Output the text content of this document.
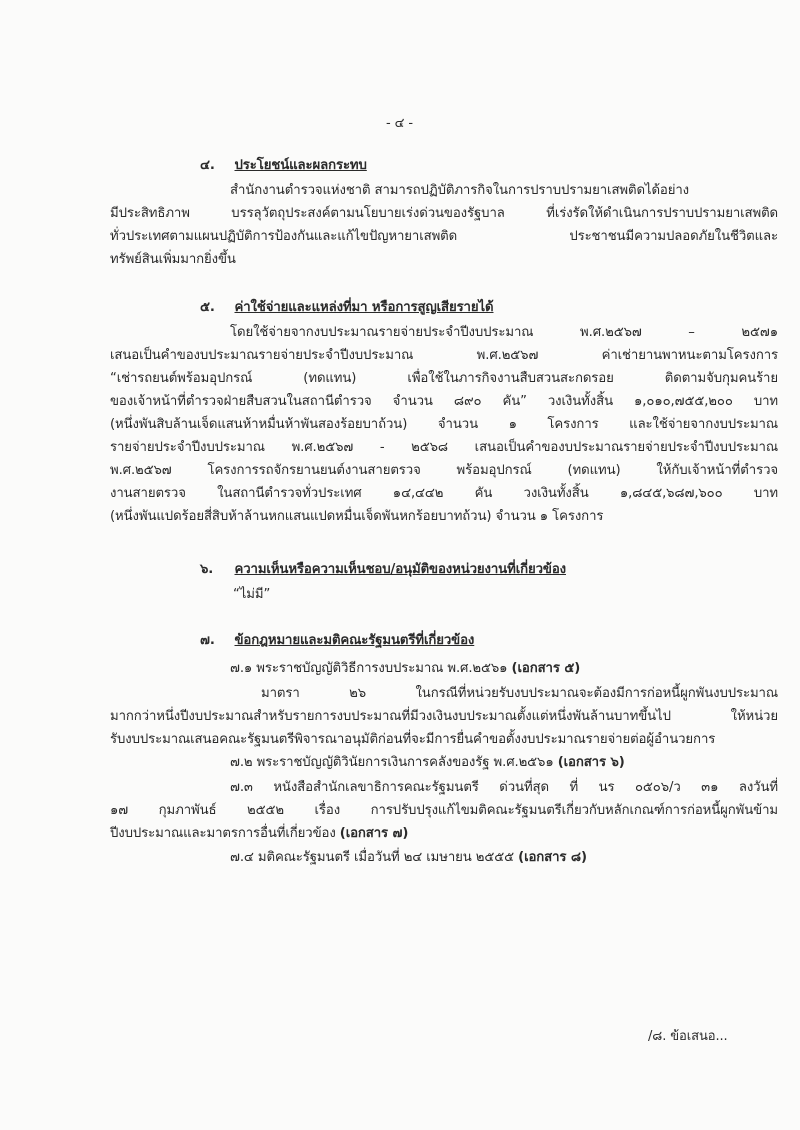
- ๔ -
๔. ประโยชน์และผลกระทบ
สำนักงานตำรวจแห่งชาติ สามารถปฏิบัติภารกิจในการปราบปรามยาเสพติดได้อย่าง
มีประสิทธิภาพ บรรลุวัตถุประสงค์ตามนโยบายเร่งด่วนของรัฐบาล ที่เร่งรัดให้ดำเนินการปราบปรามยาเสพติด
ทั่วประเทศตามแผนปฏิบัติการป้องกันและแก้ไขปัญหายาเสพติด ประชาชนมีความปลอดภัยในชีวิตและ
ทรัพย์สินเพิ่มมากยิ่งขึ้น
๕. ค่าใช้จ่ายและแหล่งที่มา หรือการสูญเสียรายได้
โดยใช้จ่ายจากงบประมาณรายจ่ายประจำปีงบประมาณ พ.ศ.๒๕๖๗ – ๒๕๗๑
เสนอเป็นคำของบประมาณรายจ่ายประจำปีงบประมาณ พ.ศ.๒๕๖๗ ค่าเช่ายานพาหนะตามโครงการ
“เช่ารถยนต์พร้อมอุปกรณ์ (ทดแทน) เพื่อใช้ในภารกิจงานสืบสวนสะกดรอย ติดตามจับกุมคนร้าย
ของเจ้าหน้าที่ตำรวจฝ่ายสืบสวนในสถานีตำรวจ จำนวน ๘๙๐ คัน” วงเงินทั้งสิ้น ๑,๐๑๐,๗๕๕,๒๐๐ บาท
(หนึ่งพันสิบล้านเจ็ดแสนห้าหมื่นห้าพันสองร้อยบาถ้วน) จำนวน ๑ โครงการ และใช้จ่ายจากงบประมาณ
รายจ่ายประจำปีงบประมาณ พ.ศ.๒๕๖๗ - ๒๕๖๘ เสนอเป็นคำของบประมาณรายจ่ายประจำปีงบประมาณ
พ.ศ.๒๕๖๗ โครงการรถจักรยานยนต์งานสายตรวจ พร้อมอุปกรณ์ (ทดแทน) ให้กับเจ้าหน้าที่ตำรวจ
งานสายตรวจ ในสถานีตำรวจทั่วประเทศ ๑๔,๔๔๒ คัน วงเงินทั้งสิ้น ๑,๘๔๕,๖๘๗,๖๐๐ บาท
(หนึ่งพันแปดร้อยสี่สิบห้าล้านหกแสนแปดหมื่นเจ็ดพันหกร้อยบาทถ้วน) จำนวน ๑ โครงการ
๖. ความเห็นหรือความเห็นชอบ/อนุมัติของหน่วยงานที่เกี่ยวข้อง
“ไม่มี”
๗. ข้อกฎหมายและมติคณะรัฐมนตรีที่เกี่ยวข้อง
๗.๑ พระราชบัญญัติวิธีการงบประมาณ พ.ศ.๒๕๖๑ (เอกสาร ๕)
มาตรา ๒๖ ในกรณีที่หน่วยรับงบประมาณจะต้องมีการก่อหนี้ผูกพันงบประมาณ
มากกว่าหนึ่งปีงบประมาณสำหรับรายการงบประมาณที่มีวงเงินงบประมาณตั้งแต่หนึ่งพันล้านบาทขึ้นไป ให้หน่วย
รับงบประมาณเสนอคณะรัฐมนตรีพิจารณาอนุมัติก่อนที่จะมีการยื่นคำขอตั้งงบประมาณรายจ่ายต่อผู้อำนวยการ
๗.๒ พระราชบัญญัติวินัยการเงินการคลังของรัฐ พ.ศ.๒๕๖๑ (เอกสาร ๖)
๗.๓ หนังสือสำนักเลขาธิการคณะรัฐมนตรี ด่วนที่สุด ที่ นร ๐๕๐๖/ว ๓๑ ลงวันที่
๑๗ กุมภาพันธ์ ๒๕๕๒ เรื่อง การปรับปรุงแก้ไขมติคณะรัฐมนตรีเกี่ยวกับหลักเกณฑ์การก่อหนี้ผูกพันข้าม
ปีงบประมาณและมาตรการอื่นที่เกี่ยวข้อง (เอกสาร ๗)
๗.๔ มติคณะรัฐมนตรี เมื่อวันที่ ๒๔ เมษายน ๒๕๕๕ (เอกสาร ๘)
/๘. ข้อเสนอ...
